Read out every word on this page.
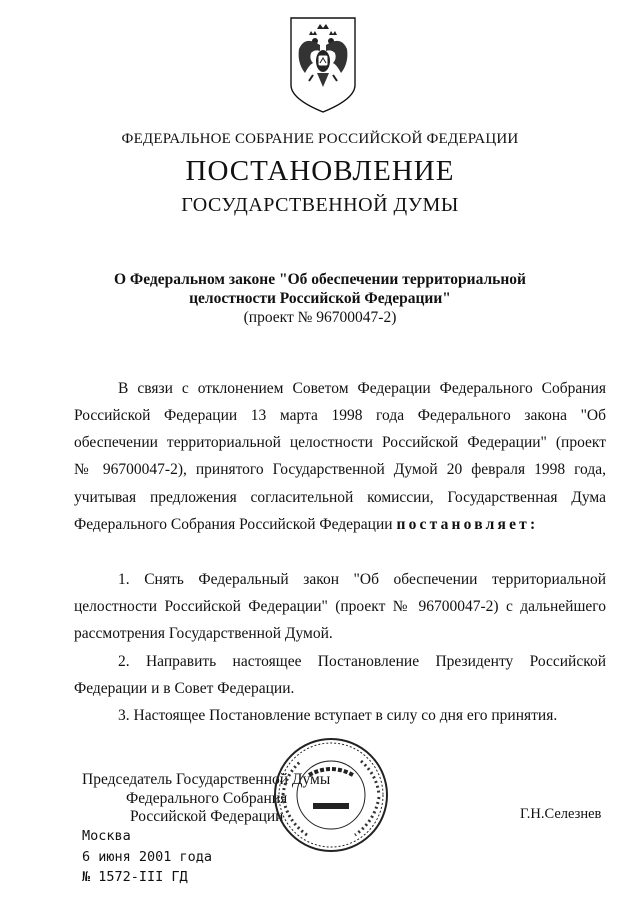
ФЕДЕРАЛЬНОЕ СОБРАНИЕ РОССИЙСКОЙ ФЕДЕРАЦИИ
ПОСТАНОВЛЕНИЕ
ГОСУДАРСТВЕННОЙ ДУМЫ
О Федеральном законе "Об обеспечении территориальной
целостности Российской Федерации"
(проект № 96700047-2)
В связи с отклонением Советом Федерации Федерального Собрания
Российской Федерации 13 марта 1998 года Федерального закона "Об
обеспечении территориальной целостности Российской Федерации" (проект
№ 96700047-2), принятого Государственной Думой 20 февраля 1998 года,
учитывая предложения согласительной комиссии, Государственная Дума
Федерального Собрания Российской Федерации постановляет:
1. Снять Федеральный закон "Об обеспечении территориальной
целостности Российской Федерации" (проект № 96700047-2) с дальнейшего
рассмотрения Государственной Думой.
2. Направить настоящее Постановление Президенту Российской
Федерации и в Совет Федерации.
3. Настоящее Постановление вступает в силу со дня его принятия.
Председатель Государственной Думы
Федерального Собрания
Российской Федерации	Г.Н.Селезнев
Москва
6 июня 2001 года
№ 1572-III ГД
